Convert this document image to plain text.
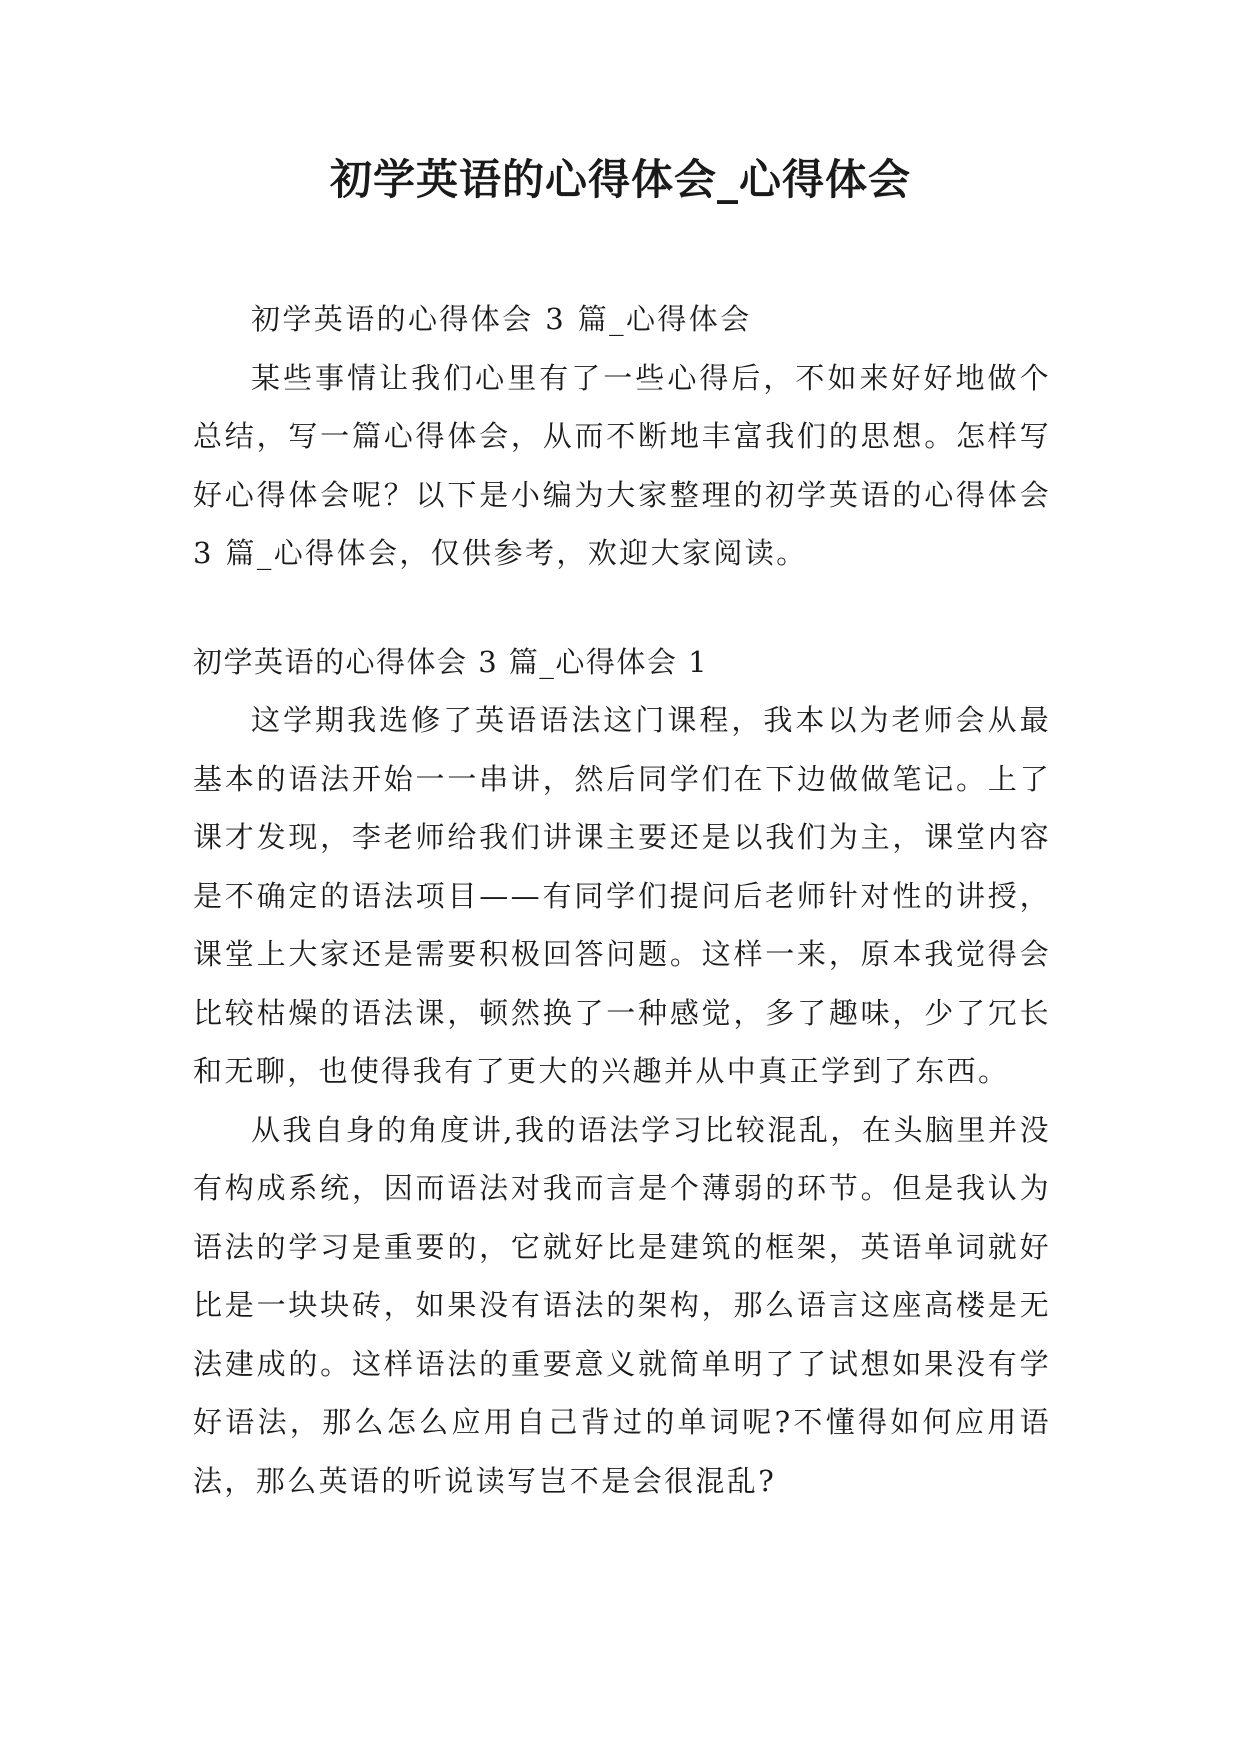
初学英语的心得体会_心得体会

初学英语的心得体会 3 篇_心得体会

某些事情让我们心里有了一些心得后，不如来好好地做个总结，写一篇心得体会，从而不断地丰富我们的思想。怎样写好心得体会呢？以下是小编为大家整理的初学英语的心得体会 3 篇_心得体会，仅供参考，欢迎大家阅读。

初学英语的心得体会 3 篇_心得体会 1

这学期我选修了英语语法这门课程，我本以为老师会从最基本的语法开始一一串讲，然后同学们在下边做做笔记。上了课才发现，李老师给我们讲课主要还是以我们为主，课堂内容是不确定的语法项目——有同学们提问后老师针对性的讲授，课堂上大家还是需要积极回答问题。这样一来，原本我觉得会比较枯燥的语法课，顿然换了一种感觉，多了趣味，少了冗长和无聊，也使得我有了更大的兴趣并从中真正学到了东西。

从我自身的角度讲,我的语法学习比较混乱，在头脑里并没有构成系统，因而语法对我而言是个薄弱的环节。但是我认为语法的学习是重要的，它就好比是建筑的框架，英语单词就好比是一块块砖，如果没有语法的架构，那么语言这座高楼是无法建成的。这样语法的重要意义就简单明了了试想如果没有学好语法，那么怎么应用自己背过的单词呢?不懂得如何应用语法，那么英语的听说读写岂不是会很混乱?
